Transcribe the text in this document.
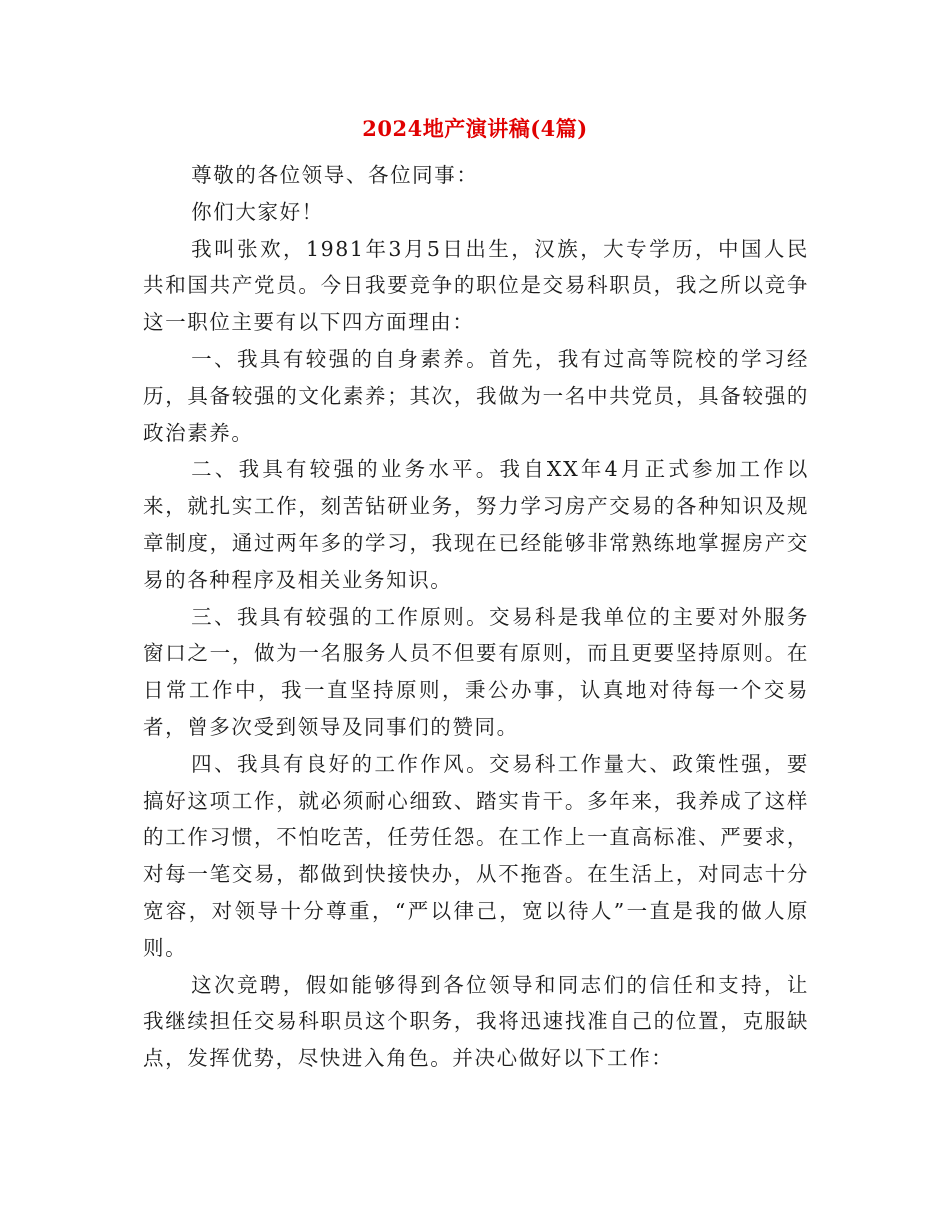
2024地产演讲稿(4篇)

尊敬的各位领导、各位同事：

你们大家好！

我叫张欢，1981年3月5日出生，汉族，大专学历，中国人民共和国共产党员。今日我要竞争的职位是交易科职员，我之所以竞争这一职位主要有以下四方面理由：

一、我具有较强的自身素养。首先，我有过高等院校的学习经历，具备较强的文化素养；其次，我做为一名中共党员，具备较强的政治素养。

二、我具有较强的业务水平。我自XX年4月正式参加工作以来，就扎实工作，刻苦钻研业务，努力学习房产交易的各种知识及规章制度，通过两年多的学习，我现在已经能够非常熟练地掌握房产交易的各种程序及相关业务知识。

三、我具有较强的工作原则。交易科是我单位的主要对外服务窗口之一，做为一名服务人员不但要有原则，而且更要坚持原则。在日常工作中，我一直坚持原则，秉公办事，认真地对待每一个交易者，曾多次受到领导及同事们的赞同。

四、我具有良好的工作作风。交易科工作量大、政策性强，要搞好这项工作，就必须耐心细致、踏实肯干。多年来，我养成了这样的工作习惯，不怕吃苦，任劳任怨。在工作上一直高标准、严要求，对每一笔交易，都做到快接快办，从不拖沓。在生活上，对同志十分宽容，对领导十分尊重，“严以律己，宽以待人”一直是我的做人原则。

这次竞聘，假如能够得到各位领导和同志们的信任和支持，让我继续担任交易科职员这个职务，我将迅速找准自己的位置，克服缺点，发挥优势，尽快进入角色。并决心做好以下工作：
